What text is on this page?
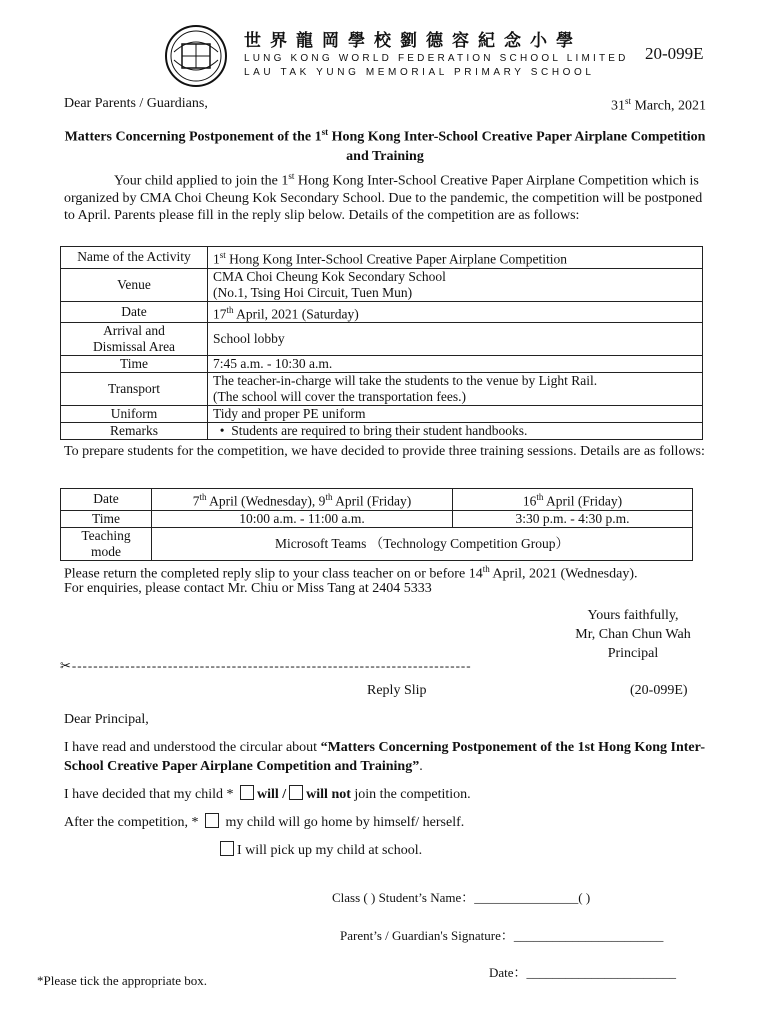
世界龍岡學校劉德容紀念小學
LUNG KONG WORLD FEDERATION SCHOOL LIMITED
LAU TAK YUNG MEMORIAL PRIMARY SCHOOL
20-099E
Dear Parents / Guardians,	31st March, 2021
Matters Concerning Postponement of the 1st Hong Kong Inter-School Creative Paper Airplane Competition and Training
Your child applied to join the 1st Hong Kong Inter-School Creative Paper Airplane Competition which is organized by CMA Choi Cheung Kok Secondary School. Due to the pandemic, the competition will be postponed to April. Parents please fill in the reply slip below. Details of the competition are as follows:
Name of the Activity	1st Hong Kong Inter-School Creative Paper Airplane Competition
Venue	CMA Choi Cheung Kok Secondary School
(No.1, Tsing Hoi Circuit, Tuen Mun)

Date	17th April, 2021 (Saturday)

Arrival and
Dismissal Area	School lobby
Time	7:45 a.m. - 10:30 a.m.
Transport	The teacher-in-charge will take the students to the venue by Light Rail.
(The school will cover the transportation fees.)

Uniform	Tidy and proper PE uniform
Remarks	• Students are required to bring their student handbooks.
To prepare students for the competition, we have decided to provide three training sessions. Details are as follows:
Date	7th April (Wednesday), 9th April (Friday)	16th April (Friday)
Time	10:00 a.m. - 11:00 a.m.	3:30 p.m. - 4:30 p.m.

Teaching
mode	Microsoft Teams （Technology Competition Group）	
Please return the completed reply slip to your class teacher on or before 14th April, 2021 (Wednesday).
For enquiries, please contact Mr. Chiu or Miss Tang at 2404 5333
Yours faithfully,
Mr, Chan Chun Wah
Principal
✂---------------------------------------------------------------------------
Reply Slip	(20-099E)
Dear Principal,
I have read and understood the circular about “Matters Concerning Postponement of the 1st Hong Kong Inter-School Creative Paper Airplane Competition and Training”.
I have decided that my child * will / will not join the competition.
After the competition, *  my child will go home by himself/ herself.
I will pick up my child at school.
Class ( ) Student’s Name：________________( )
Parent’s / Guardian's Signature：_______________________
Date：_______________________
*Please tick the appropriate box.
